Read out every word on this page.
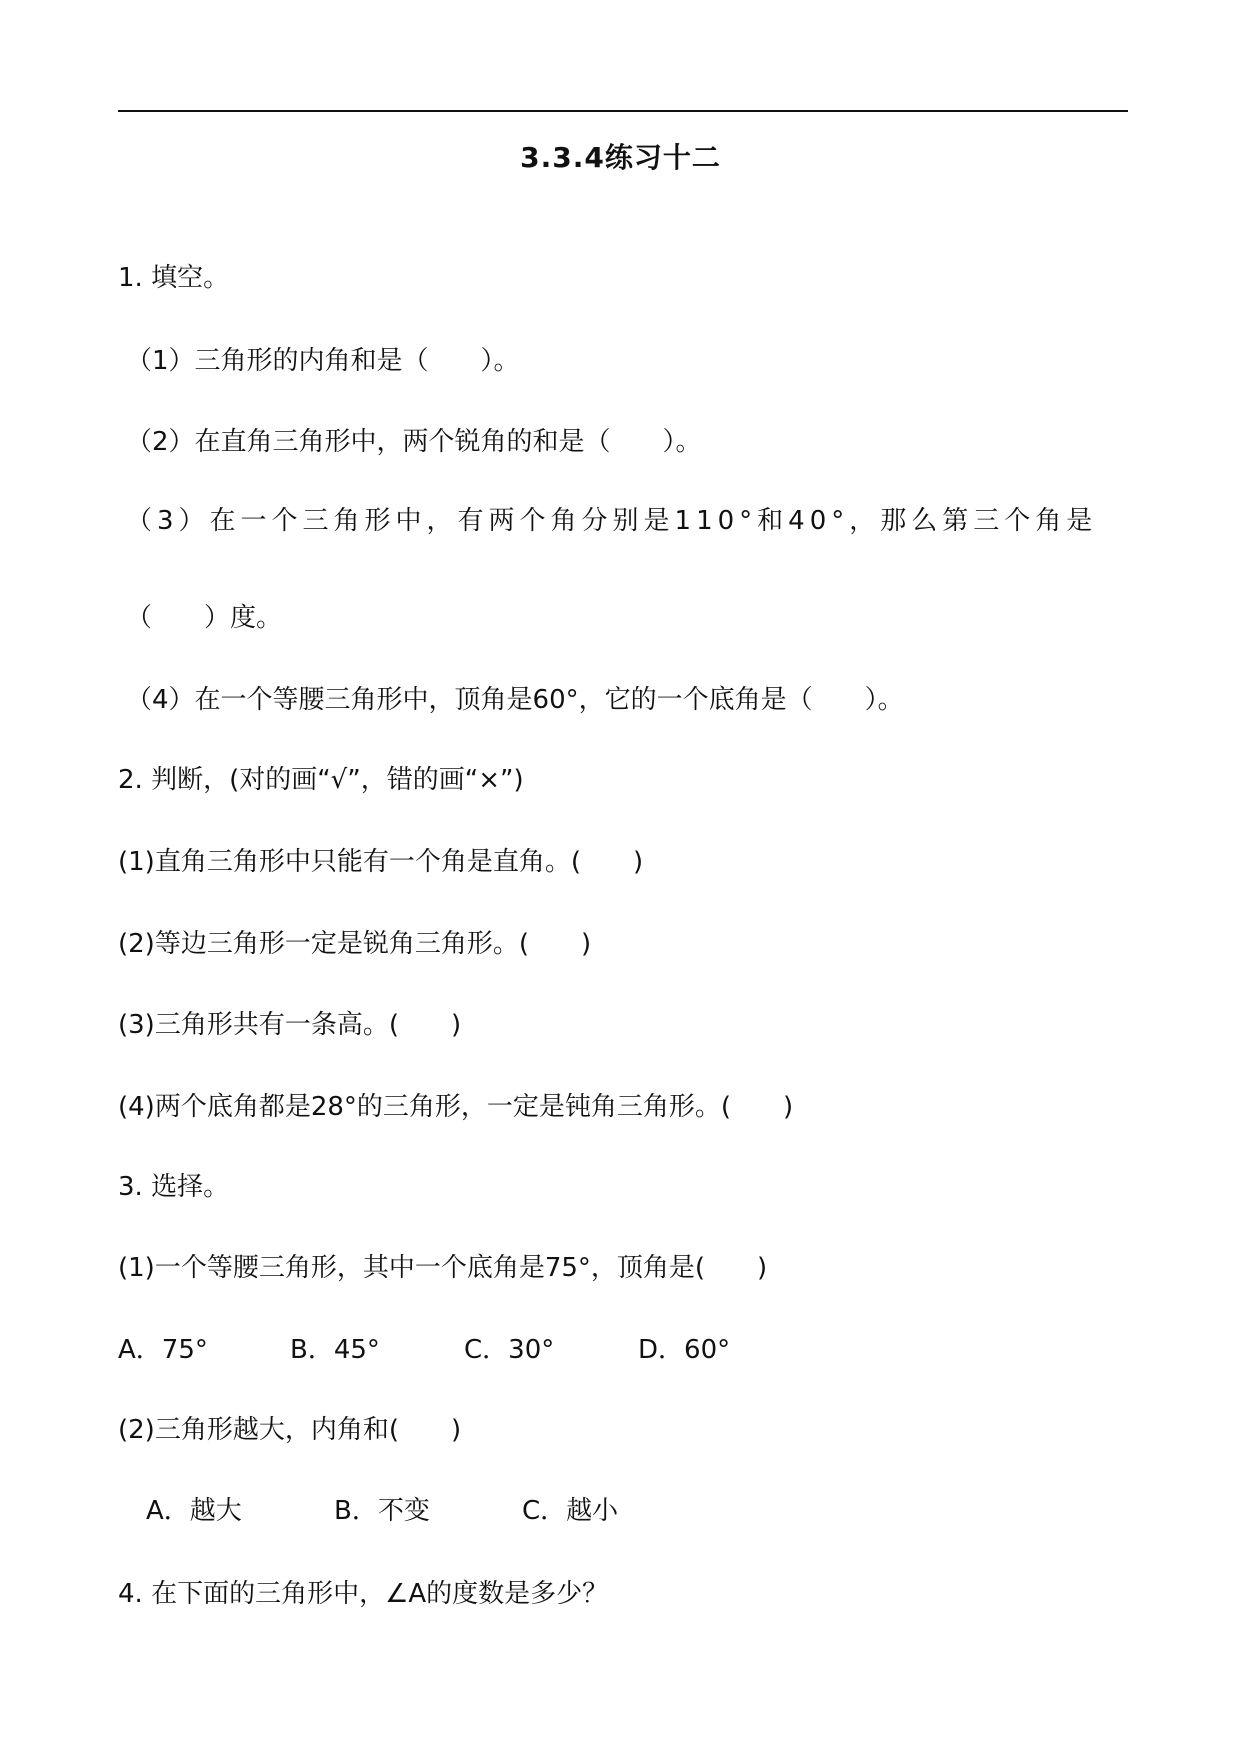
3.3.4练习十二
1. 填空。
（1）三角形的内角和是（　　）。
（2）在直角三角形中，两个锐角的和是（　　）。
（3）在一个三角形中，有两个角分别是110°和40°，那么第三个角是
（　　）度。
（4）在一个等腰三角形中，顶角是60°，它的一个底角是（　　）。
2. 判断，(对的画“√”，错的画“×”)
(1)直角三角形中只能有一个角是直角。(　　)
(2)等边三角形一定是锐角三角形。(　　)
(3)三角形共有一条高。(　　)
(4)两个底角都是28°的三角形，一定是钝角三角形。(　　)
3. 选择。
(1)一个等腰三角形，其中一个底角是75°，顶角是(　　)
A．75°	B．45°	C．30°	D．60°
(2)三角形越大，内角和(　　)
A．越大	B．不变	C．越小
4. 在下面的三角形中，∠A的度数是多少？
